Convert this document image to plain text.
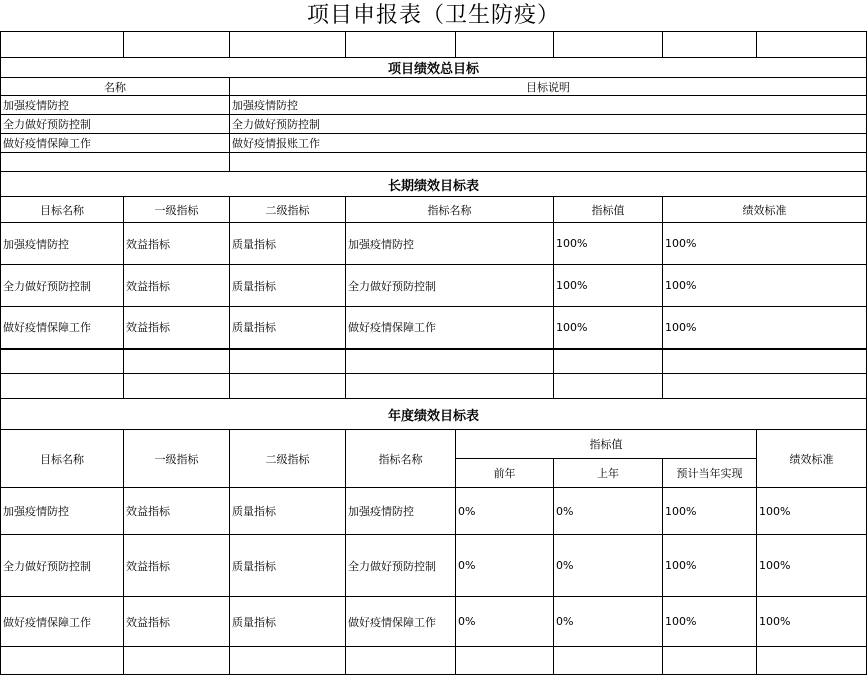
项目申报表（卫生防疫）

项目绩效总目标							
名称		目标说明					
加强疫情防控		加强疫情防控					
全力做好预防控制		全力做好预防控制					
做好疫情保障工作		做好疫情报账工作					

长期绩效目标表							
目标名称	一级指标	二级指标	指标名称		指标值	绩效标准	
加强疫情防控	效益指标	质量指标	加强疫情防控		100%	100%	
全力做好预防控制	效益指标	质量指标	全力做好预防控制		100%	100%	
做好疫情保障工作	效益指标	质量指标	做好疫情保障工作		100%	100%	

年度绩效目标表							
目标名称	一级指标	二级指标	指标名称	指标值			绩效标准
				前年	上年	预计当年实现	
加强疫情防控	效益指标	质量指标	加强疫情防控	0%	0%	100%	100%
全力做好预防控制	效益指标	质量指标	全力做好预防控制	0%	0%	100%	100%
做好疫情保障工作	效益指标	质量指标	做好疫情保障工作	0%	0%	100%	100%
